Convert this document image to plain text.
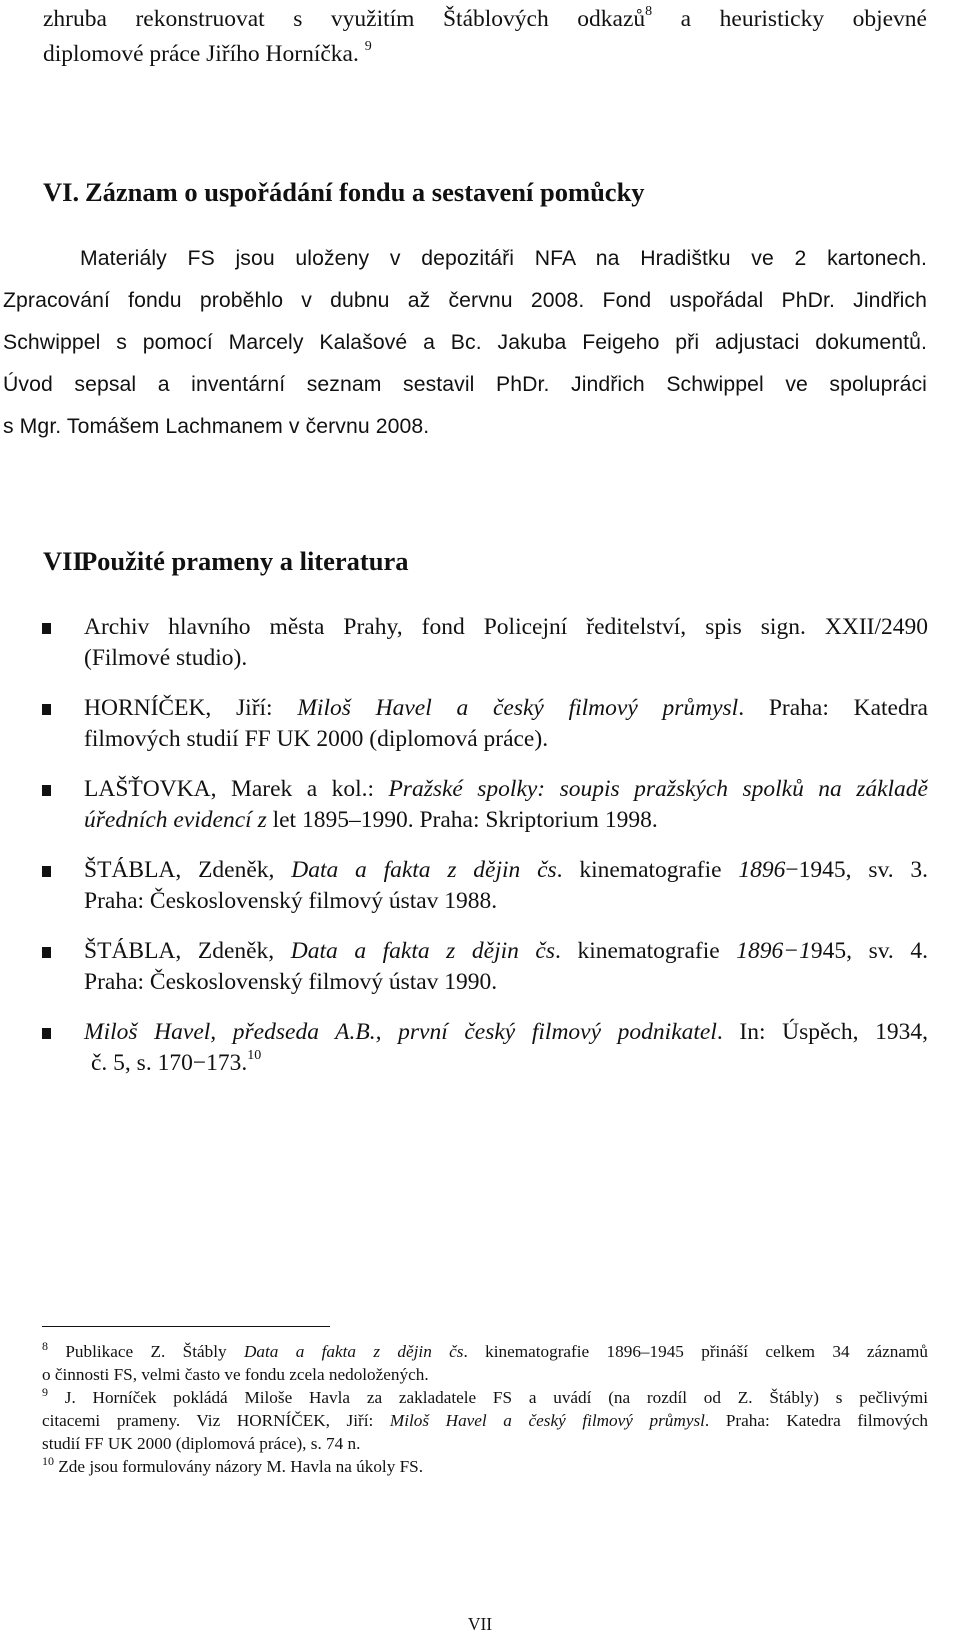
zhruba rekonstruovat s využitím Štáblových odkazů$^8$ a heuristicky objevné
diplomové práce Jiřího Horníčka. $^9$
VI. Záznam o uspořádání fondu a sestavení pomůcky
Materiály FS jsou uloženy v depozitáři NFA na Hradištku ve 2 kartonech.
Zpracování fondu proběhlo v dubnu až červnu 2008. Fond uspořádal PhDr. Jindřich
Schwippel s pomocí Marcely Kalašové a Bc. Jakuba Feigeho při adjustaci dokumentů.
Úvod sepsal a inventární seznam sestavil PhDr. Jindřich Schwippel ve spolupráci
s Mgr. Tomášem Lachmanem v červnu 2008.
VII.Použité prameny a literatura
Archiv hlavního města Prahy, fond Policejní ředitelství, spis sign. XXII/2490
(Filmové studio).
HORNÍČEK, Jiří: Miloš Havel a český filmový průmysl. Praha: Katedra
filmových studií FF UK 2000 (diplomová práce).
LAŠŤOVKA, Marek a kol.: Pražské spolky: soupis pražských spolků na základě
úředních evidencí z let 1895–1990. Praha: Skriptorium 1998.
ŠTÁBLA, Zdeněk, Data a fakta z dějin čs. kinematografie 1896−1945, sv. 3.
Praha: Československý filmový ústav 1988.
ŠTÁBLA, Zdeněk, Data a fakta z dějin čs. kinematografie 1896−1945, sv. 4.
Praha: Československý filmový ústav 1990.
Miloš Havel, předseda A.B., první český filmový podnikatel. In: Úspěch, 1934,
č. 5, s. 170−173.10
$^8$ Publikace Z. Štábly Data a fakta z dějin čs. kinematografie 1896–1945 přináší celkem 34 záznamů
o činnosti FS, velmi často ve fondu zcela nedoložených.
$^9$ J. Horníček pokládá Miloše Havla za zakladatele FS a uvádí (na rozdíl od Z. Štábly) s pečlivými
citacemi prameny. Viz HORNÍČEK, Jiří: Miloš Havel a český filmový průmysl. Praha: Katedra filmových
studií FF UK 2000 (diplomová práce), s. 74 n.
$^{10}$ Zde jsou formulovány názory M. Havla na úkoly FS.
VII
